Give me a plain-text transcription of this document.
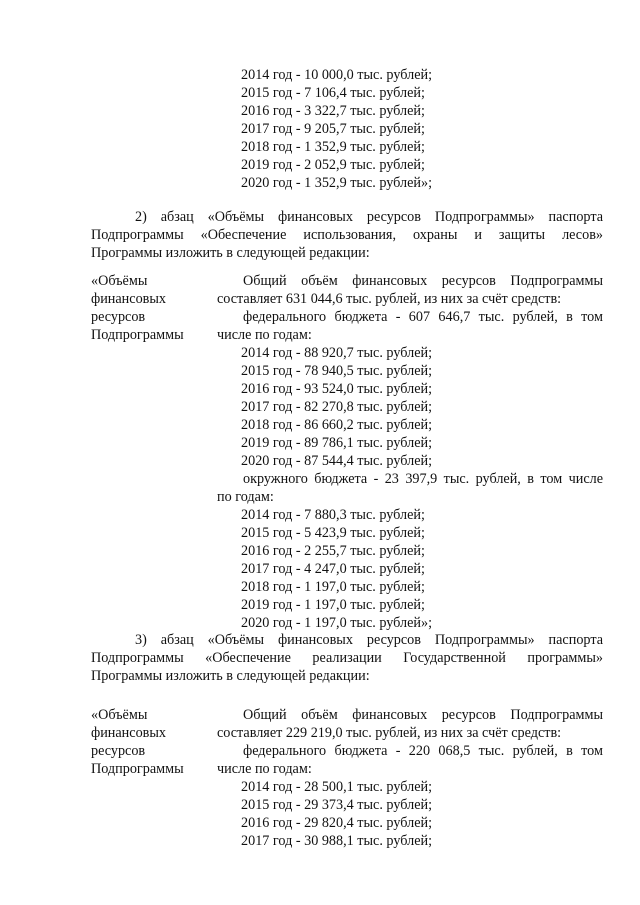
2014 год - 10 000,0 тыс. рублей;
2015 год - 7 106,4 тыс. рублей;
2016 год - 3 322,7 тыс. рублей;
2017 год - 9 205,7 тыс. рублей;
2018 год - 1 352,9 тыс. рублей;
2019 год - 2 052,9 тыс. рублей;
2020 год - 1 352,9 тыс. рублей»;
2) абзац «Объёмы финансовых ресурсов Подпрограммы» паспорта
Подпрограммы «Обеспечение использования, охраны и защиты лесов»
Программы изложить в следующей редакции:
«Объёмы
финансовых
ресурсов
Подпрограммы
Общий объём финансовых ресурсов Подпрограммы
составляет 631 044,6 тыс. рублей, из них за счёт средств:
федерального бюджета - 607 646,7 тыс. рублей, в том
числе по годам:
2014 год - 88 920,7 тыс. рублей;
2015 год - 78 940,5 тыс. рублей;
2016 год - 93 524,0 тыс. рублей;
2017 год - 82 270,8 тыс. рублей;
2018 год - 86 660,2 тыс. рублей;
2019 год - 89 786,1 тыс. рублей;
2020 год - 87 544,4 тыс. рублей;
окружного бюджета - 23 397,9 тыс. рублей, в том числе
по годам:
2014 год - 7 880,3 тыс. рублей;
2015 год - 5 423,9 тыс. рублей;
2016 год - 2 255,7 тыс. рублей;
2017 год - 4 247,0 тыс. рублей;
2018 год - 1 197,0 тыс. рублей;
2019 год - 1 197,0 тыс. рублей;
2020 год - 1 197,0 тыс. рублей»;
3) абзац «Объёмы финансовых ресурсов Подпрограммы» паспорта
Подпрограммы «Обеспечение реализации Государственной программы»
Программы изложить в следующей редакции:
«Объёмы
финансовых
ресурсов
Подпрограммы
Общий объём финансовых ресурсов Подпрограммы
составляет 229 219,0 тыс. рублей, из них за счёт средств:
федерального бюджета - 220 068,5 тыс. рублей, в том
числе по годам:
2014 год - 28 500,1 тыс. рублей;
2015 год - 29 373,4 тыс. рублей;
2016 год - 29 820,4 тыс. рублей;
2017 год - 30 988,1 тыс. рублей;
